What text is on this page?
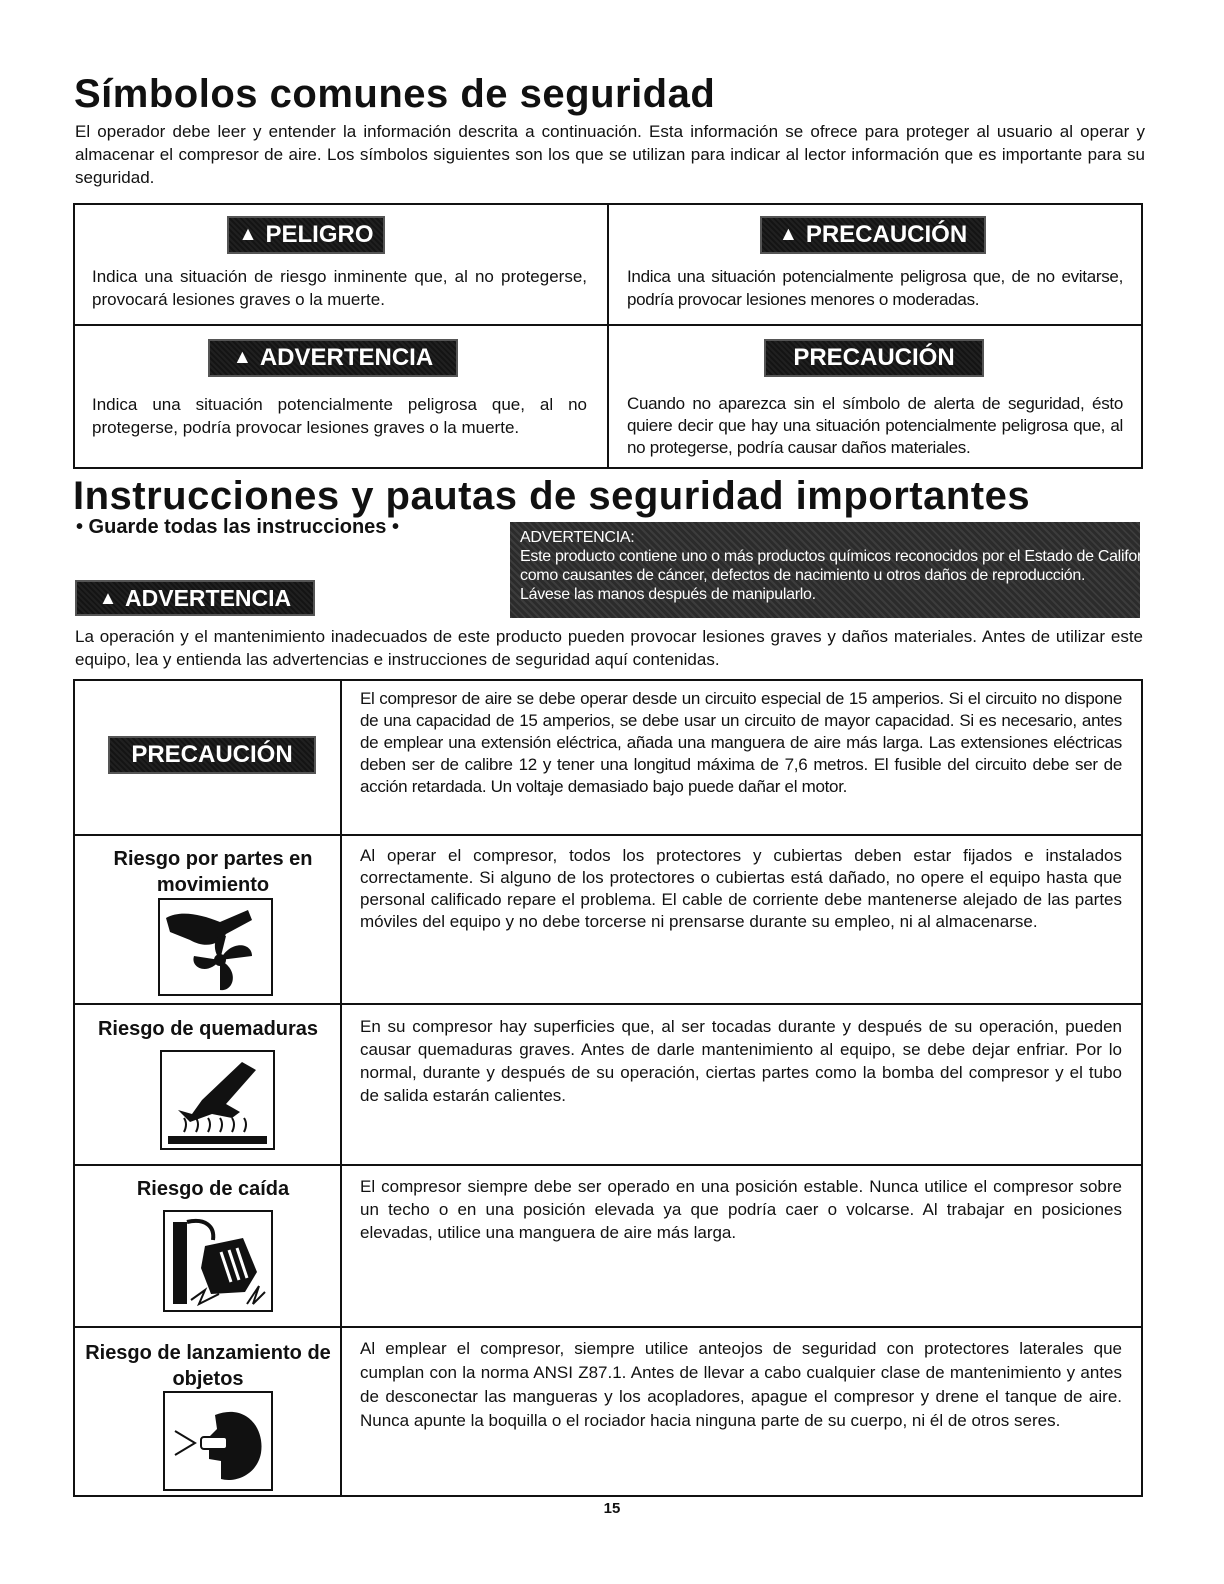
Símbolos comunes de seguridad
El operador debe leer y entender la información descrita a continuación. Esta información se ofrece para proteger al usuario al operar y almacenar el compresor de aire. Los símbolos siguientes son los que se utilizan para indicar al lector información que es importante para su seguridad.
▲ PELIGRO
Indica una situación de riesgo inminente que, al no protegerse, provocará lesiones graves o la muerte.
▲ PRECAUCIÓN
Indica una situación potencialmente peligrosa que, de no evitarse, podría provocar lesiones menores o moderadas.
▲ ADVERTENCIA
Indica una situación potencialmente peligrosa que, al no protegerse, podría provocar lesiones graves o la muerte.
PRECAUCIÓN
Cuando no aparezca sin el símbolo de alerta de seguridad, ésto quiere decir que hay una situación potencialmente peligrosa que, al no protegerse, podría causar daños materiales.
Instrucciones y pautas de seguridad importantes
• Guarde todas las instrucciones •
▲ ADVERTENCIA
ADVERTENCIA:
Este producto contiene uno o más productos químicos reconocidos por el Estado de California
como causantes de cáncer, defectos de nacimiento u otros daños de reproducción.
Lávese las manos después de manipularlo.
La operación y el mantenimiento inadecuados de este producto pueden provocar lesiones graves y daños materiales. Antes de utilizar este equipo, lea y entienda las advertencias e instrucciones de seguridad aquí contenidas.
PRECAUCIÓN
El compresor de aire se debe operar desde un circuito especial de 15 amperios. Si el circuito no dispone de una capacidad de 15 amperios, se debe usar un circuito de mayor capacidad. Si es necesario, antes de emplear una extensión eléctrica, añada una manguera de aire más larga. Las extensiones eléctricas deben ser de calibre 12 y tener una longitud máxima de 7,6 metros. El fusible del circuito debe ser de acción retardada. Un voltaje demasiado bajo puede dañar el motor.
Riesgo por partes en movimiento
Al operar el compresor, todos los protectores y cubiertas deben estar fijados e instalados correctamente. Si alguno de los protectores o cubiertas está dañado, no opere el equipo hasta que personal calificado repare el problema. El cable de corriente debe mantenerse alejado de las partes móviles del equipo y no debe torcerse ni prensarse durante su empleo, ni al almacenarse.
Riesgo de quemaduras	En su compresor hay superficies que, al ser tocadas durante y después de su operación, pueden causar quemaduras graves. Antes de darle mantenimiento al equipo, se debe dejar enfriar. Por lo normal, durante y después de su operación, ciertas partes como la bomba del compresor y el tubo de salida estarán calientes.
Riesgo de caída	El compresor siempre debe ser operado en una posición estable. Nunca utilice el compresor sobre un techo o en una posición elevada ya que podría caer o volcarse. Al trabajar en posiciones elevadas, utilice una manguera de aire más larga.
Riesgo de lanzamiento de objetos
Al emplear el compresor, siempre utilice anteojos de seguridad con protectores laterales que cumplan con la norma ANSI Z87.1. Antes de llevar a cabo cualquier clase de mantenimiento y antes de desconectar las mangueras y los acopladores, apague el compresor y drene el tanque de aire. Nunca apunte la boquilla o el rociador hacia ninguna parte de su cuerpo, ni él de otros seres.
15
